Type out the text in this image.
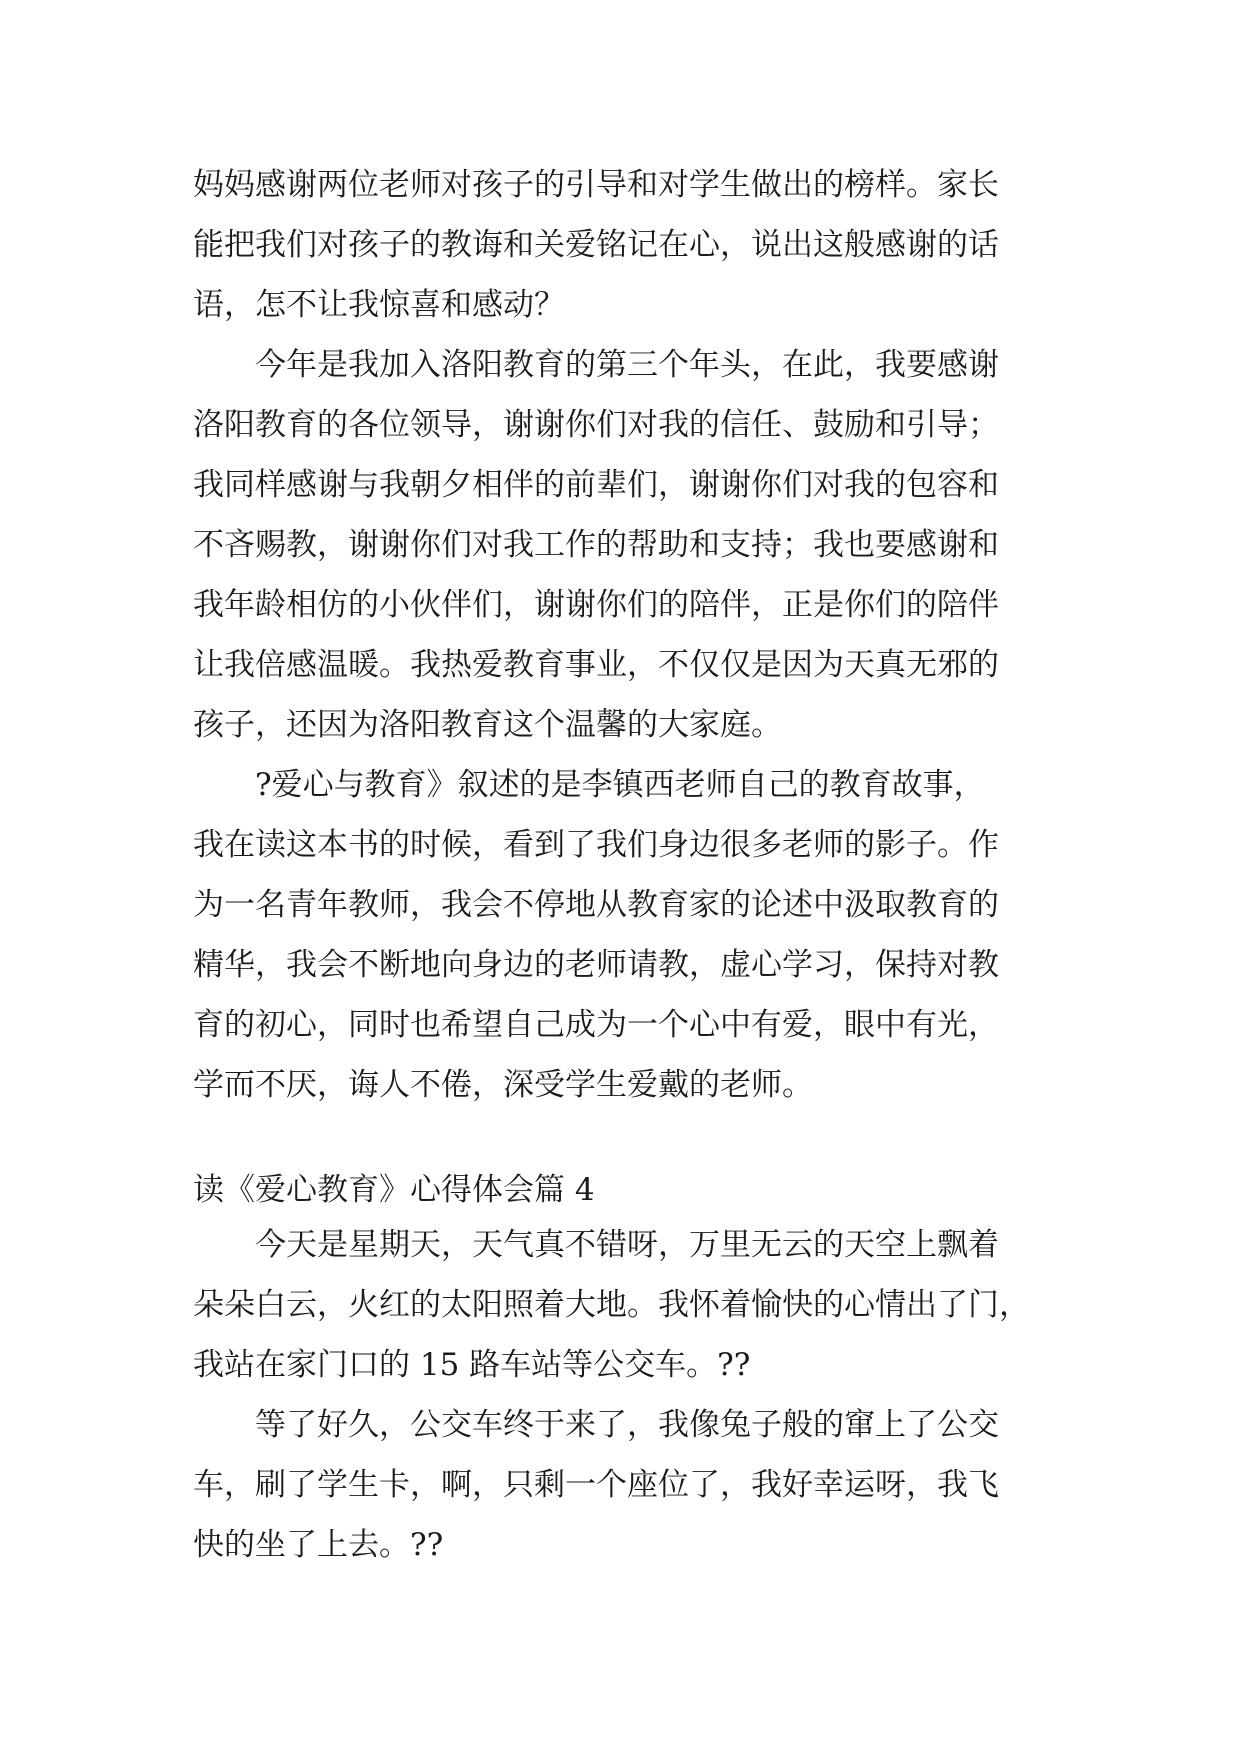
妈妈感谢两位老师对孩子的引导和对学生做出的榜样。家长
能把我们对孩子的教诲和关爱铭记在心，说出这般感谢的话
语，怎不让我惊喜和感动？
今年是我加入洛阳教育的第三个年头，在此，我要感谢
洛阳教育的各位领导，谢谢你们对我的信任、鼓励和引导；
我同样感谢与我朝夕相伴的前辈们，谢谢你们对我的包容和
不吝赐教，谢谢你们对我工作的帮助和支持；我也要感谢和
我年龄相仿的小伙伴们，谢谢你们的陪伴，正是你们的陪伴
让我倍感温暖。我热爱教育事业，不仅仅是因为天真无邪的
孩子，还因为洛阳教育这个温馨的大家庭。
?爱心与教育》叙述的是李镇西老师自己的教育故事，
我在读这本书的时候，看到了我们身边很多老师的影子。作
为一名青年教师，我会不停地从教育家的论述中汲取教育的
精华，我会不断地向身边的老师请教，虚心学习，保持对教
育的初心，同时也希望自己成为一个心中有爱，眼中有光，
学而不厌，诲人不倦，深受学生爱戴的老师。
读《爱心教育》心得体会篇 4
今天是星期天，天气真不错呀，万里无云的天空上飘着
朵朵白云，火红的太阳照着大地。我怀着愉快的心情出了门，
我站在家门口的 15 路车站等公交车。??
等了好久，公交车终于来了，我像兔子般的窜上了公交
车，刷了学生卡，啊，只剩一个座位了，我好幸运呀，我飞
快的坐了上去。??
